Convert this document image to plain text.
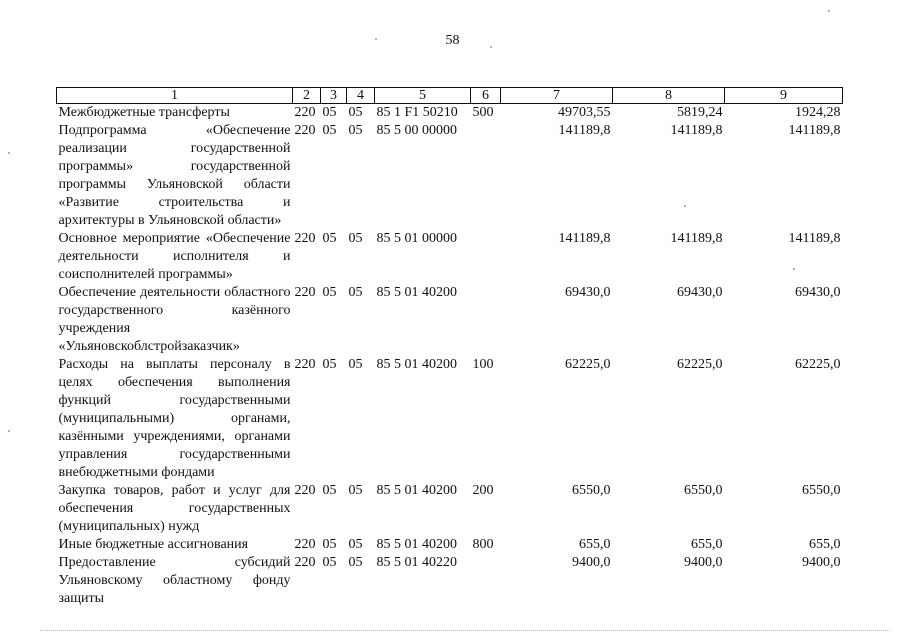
58
1	2	3	4	5	6	7	8	9
Межбюджетные трансферты	220	05	05	85 1 F1 50210	500	49703,55	5819,24	1924,28
Подпрограмма «Обеспечение реализации государственной программы» государственной программы Ульяновской области «Развитие строительства и архитектуры в Ульяновской области»	220	05	05	85 5 00 00000		141189,8	141189,8	141189,8
Основное мероприятие «Обеспечение деятельности исполнителя и соисполнителей программы»	220	05	05	85 5 01 00000		141189,8	141189,8	141189,8
Обеспечение деятельности областного государственного казённого учреждения «Ульяновскоблстройзаказчик»	220	05	05	85 5 01 40200		69430,0	69430,0	69430,0
Расходы на выплаты персоналу в целях обеспечения выполнения функций государственными (муниципальными) органами, казёнными учреждениями, органами управления государственными внебюджетными фондами	220	05	05	85 5 01 40200	100	62225,0	62225,0	62225,0
Закупка товаров, работ и услуг для обеспечения государственных (муниципальных) нужд	220	05	05	85 5 01 40200	200	6550,0	6550,0	6550,0
Иные бюджетные ассигнования	220	05	05	85 5 01 40200	800	655,0	655,0	655,0
Предоставление субсидий Ульяновскому областному фонду защиты	220	05	05	85 5 01 40220		9400,0	9400,0	9400,0
